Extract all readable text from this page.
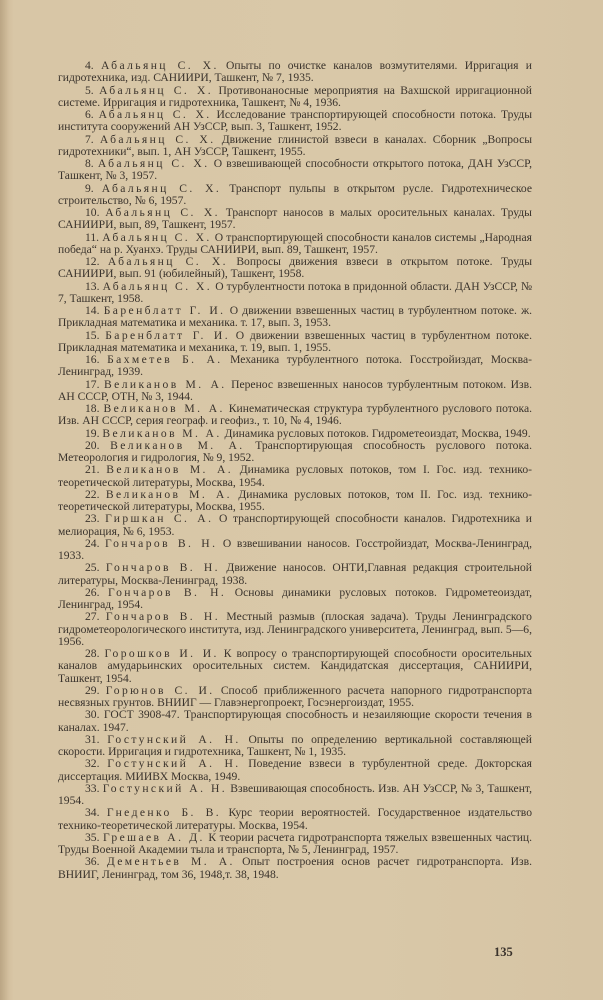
4. Абальянц С. Х. Опыты по очистке каналов возмутителями. Ирригация и гидротехника, изд. САНИИРИ, Ташкент, № 7, 1935.

5. Абальянц С. Х. Противонаносные мероприятия на Вахшской ирригационной системе. Ирригация и гидротехника, Ташкент, № 4, 1936.

6. Абальянц С. Х. Исследование транспортирующей способности потока. Труды института сооружений АН УзССР, вып. 3, Ташкент, 1952.

7. Абальянц С. Х. Движение глинистой взвеси в каналах. Сборник „Вопросы гидротехники“, вып. 1, АН УзССР, Ташкент, 1955.

8. Абальянц С. Х. О взвешивающей способности открытого потока, ДАН УзССР, Ташкент, № 3, 1957.

9. Абальянц С. Х. Транспорт пульпы в открытом русле. Гидротехническое строительство, № 6, 1957.

10. Абальянц С. Х. Транспорт наносов в малых оросительных каналах. Труды САНИИРИ, вып, 89, Ташкент, 1957.

11. Абальянц С. Х. О транспортирующей способности каналов системы „Народная победа“ на р. Хуанхэ. Труды САНИИРИ, вып. 89, Ташкент, 1957.

12. Абальянц С. Х. Вопросы движения взвеси в открытом потоке. Труды САНИИРИ, вып. 91 (юбилейный), Ташкент, 1958.

13. Абальянц С. Х. О турбулентности потока в придонной области. ДАН УзССР, № 7, Ташкент, 1958.

14. Баренблатт Г. И. О движении взвешенных частиц в турбулентном потоке. ж. Прикладная математика и механика. т. 17, вып. 3, 1953.

15. Баренблатт Г. И. О движении взвешенных частиц в турбулентном потоке. Прикладная математика и механика, т. 19, вып. 1, 1955.

16. Бахметев Б. А. Механика турбулентного потока. Госстройиздат, Москва-Ленинград, 1939.

17. Великанов М. А. Перенос взвешенных наносов турбулентным потоком. Изв. АН СССР, ОТН, № 3, 1944.

18. Великанов М. А. Кинематическая структура турбулентного руслового потока. Изв. АН СССР, серия географ. и геофиз., т. 10, № 4, 1946.

19. Великанов М. А. Динамика русловых потоков. Гидрометеоиздат, Москва, 1949.

20. Великанов М. А. Транспортирующая способность руслового потока. Метеорология и гидрология, № 9, 1952.

21. Великанов М. А. Динамика русловых потоков, том I. Гос. изд. технико-теоретической литературы, Москва, 1954.

22. Великанов М. А. Динамика русловых потоков, том II. Гос. изд. технико-теоретической литературы, Москва, 1955.

23. Гиршкан С. А. О транспортирующей способности каналов. Гидротехника и мелиорация, № 6, 1953.

24. Гончаров В. Н. О взвешивании наносов. Госстройиздат, Москва-Ленинград, 1933.

25. Гончаров В. Н. Движение наносов. ОНТИ,Главная редакция строительной литературы, Москва-Ленинград, 1938.

26. Гончаров В. Н. Основы динамики русловых потоков. Гидрометеоиздат, Ленинград, 1954.

27. Гончаров В. Н. Местный размыв (плоская задача). Труды Ленинградского гидрометеорологического института, изд. Ленинградского университета, Ленинград, вып. 5—6, 1956.

28. Горошков И. И. К вопросу о транспортирующей способности оросительных каналов амударьинских оросительных систем. Кандидатская диссертация, САНИИРИ, Ташкент, 1954.

29. Горюнов С. И. Способ приближенного расчета напорного гидротранспорта несвязных грунтов. ВНИИГ — Главэнергопроект, Госэнергоиздат, 1955.

30. ГОСТ 3908-47. Транспортирующая способность и незаиляющие скорости течения в каналах. 1947.

31. Гостунский А. Н. Опыты по определению вертикальной составляющей скорости. Ирригация и гидротехника, Ташкент, № 1, 1935.

32. Гостунский А. Н. Поведение взвеси в турбулентной среде. Докторская диссертация. МИИВХ Москва, 1949.

33. Гостунский А. Н. Взвешивающая способность. Изв. АН УзССР, № 3, Ташкент, 1954.

34. Гнеденко Б. В. Курс теории вероятностей. Государственное издательство технико-теоретической литературы. Москва, 1954.

35. Грешаев А. Д. К теории расчета гидротранспорта тяжелых взвешенных частиц. Труды Военной Академии тыла и транспорта, № 5, Ленинград, 1957.

36. Дементьев М. А. Опыт построения основ расчет гидротранспорта. Изв. ВНИИГ, Ленинград, том 36, 1948,т. 38, 1948.

135
